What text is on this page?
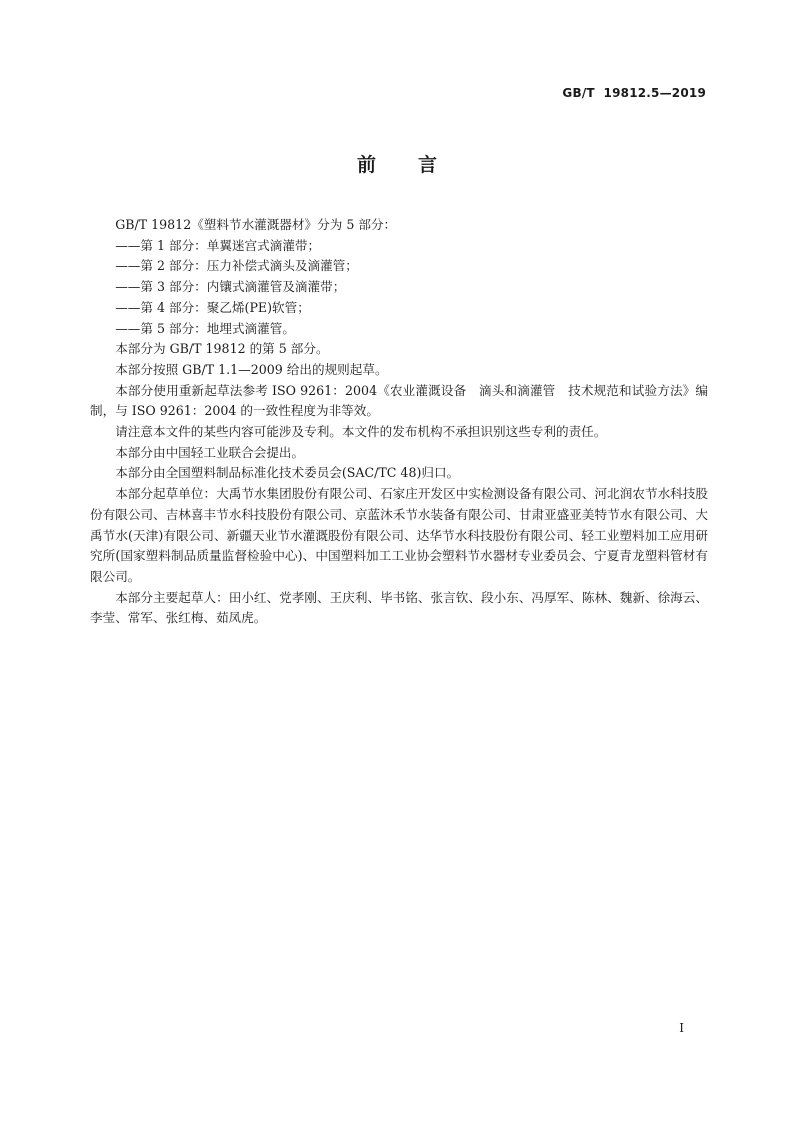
GB/T  19812.5—2019
前 言

GB/T 19812《塑料节水灌溉器材》分为 5 部分：

——第 1 部分：单翼迷宫式滴灌带；

——第 2 部分：压力补偿式滴头及滴灌管；

——第 3 部分：内镶式滴灌管及滴灌带；

——第 4 部分：聚乙烯(PE)软管；

——第 5 部分：地埋式滴灌管。

本部分为 GB/T 19812 的第 5 部分。

本部分按照 GB/T 1.1—2009 给出的规则起草。

本部分使用重新起草法参考 ISO 9261：2004《农业灌溉设备　滴头和滴灌管　技术规范和试验方法》编制，与 ISO 9261：2004 的一致性程度为非等效。

请注意本文件的某些内容可能涉及专利。本文件的发布机构不承担识别这些专利的责任。

本部分由中国轻工业联合会提出。

本部分由全国塑料制品标准化技术委员会(SAC/TC 48)归口。

本部分起草单位：大禹节水集团股份有限公司、石家庄开发区中实检测设备有限公司、河北润农节水科技股份有限公司、吉林喜丰节水科技股份有限公司、京蓝沐禾节水装备有限公司、甘肃亚盛亚美特节水有限公司、大禹节水(天津)有限公司、新疆天业节水灌溉股份有限公司、达华节水科技股份有限公司、轻工业塑料加工应用研究所(国家塑料制品质量监督检验中心)、中国塑料加工工业协会塑料节水器材专业委员会、宁夏青龙塑料管材有限公司。

本部分主要起草人：田小红、党孝刚、王庆利、毕书铭、张言钦、段小东、冯厚军、陈林、魏新、徐海云、李莹、常军、张红梅、茹凤虎。

I
